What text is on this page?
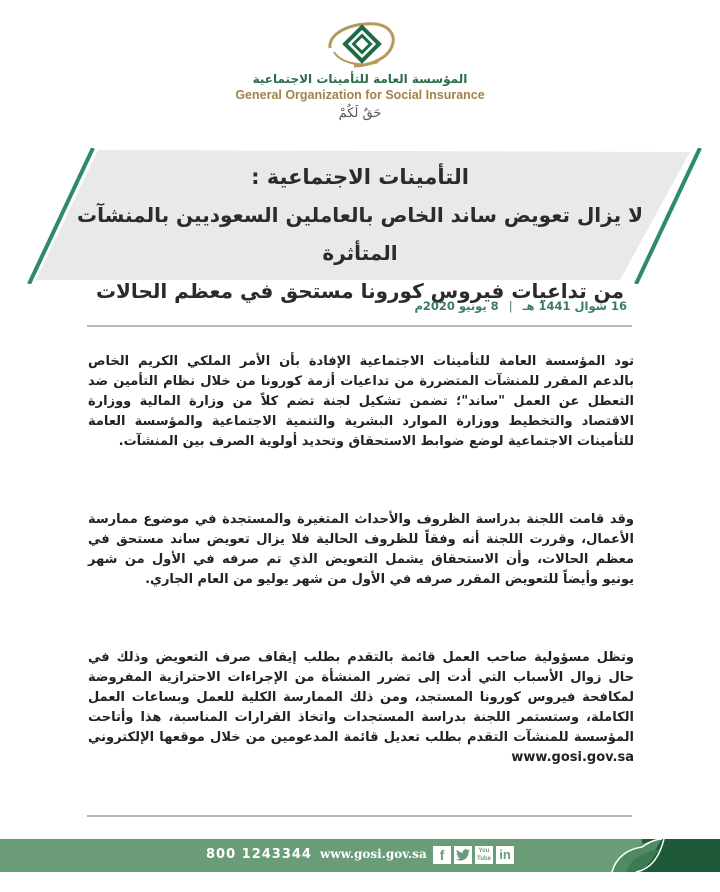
المؤسسة العامة للتأمينات الاجتماعية
General Organization for Social Insurance
حَقٌ لَكُمْ
التأمينات الاجتماعية :
لا يزال تعويض ساند الخاص بالعاملين السعوديين بالمنشآت المتأثرة
من تداعيات فيروس كورونا مستحق في معظم الحالات
16 شوال 1441 هـ | 8 يونيو 2020م

تود المؤسسة العامة للتأمينات الاجتماعية الإفادة بأن الأمر الملكي الكريم الخاص بالدعم المقرر للمنشآت المتضررة من تداعيات أزمة كورونا من خلال نظام التأمين ضد التعطل عن العمل "ساند"؛ تضمن تشكيل لجنة تضم كلاً من وزارة المالية ووزارة الاقتصاد والتخطيط ووزارة الموارد البشرية والتنمية الاجتماعية والمؤسسة العامة للتأمينات الاجتماعية لوضع ضوابط الاستحقاق وتحديد أولوية الصرف بين المنشآت.

وقد قامت اللجنة بدراسة الظروف والأحداث المتغيرة والمستجدة في موضوع ممارسة الأعمال، وقررت اللجنة أنه وفقاً للظروف الحالية فلا يزال تعويض ساند مستحق في معظم الحالات، وأن الاستحقاق يشمل التعويض الذي تم صرفه في الأول من شهر يونيو وأيضاً للتعويض المقرر صرفه في الأول من شهر يوليو من العام الجاري.

وتظل مسؤولية صاحب العمل قائمة بالتقدم بطلب إيقاف صرف التعويض وذلك في حال زوال الأسباب التي أدت إلى تضرر المنشأة من الإجراءات الاحترازية المفروضة لمكافحة فيروس كورونا المستجد، ومن ذلك الممارسة الكلية للعمل وبساعات العمل الكاملة، وستستمر اللجنة بدراسة المستجدات واتخاذ القرارات المناسبة، هذا وأتاحت المؤسسة للمنشآت التقدم بطلب تعديل قائمة المدعومين من خلال موقعها الإلكتروني www.gosi.gov.sa

800 1243344 www.gosi.gov.sa f	You Tube in
